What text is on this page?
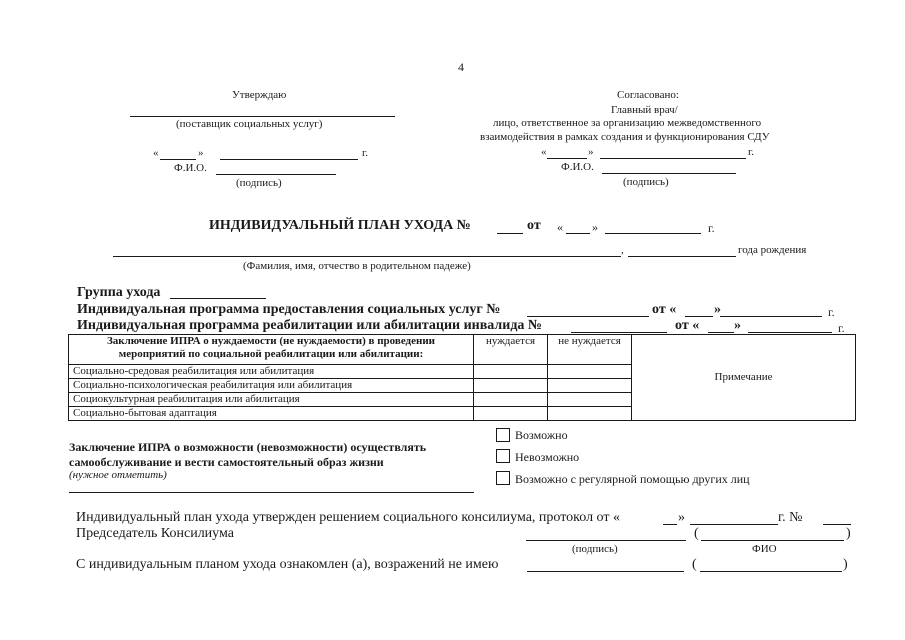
4
Утверждаю
(поставщик социальных услуг)
«	»	г.
Ф.И.О.
(подпись)
Согласовано:
Главный врач/
лицо, ответственное за организацию межведомственного
взаимодействия в рамках создания и функционирования СДУ
«	»	г.
Ф.И.О.
(подпись)
ИНДИВИДУАЛЬНЫЙ ПЛАН УХОДА №	от « »	г.
,	года рождения
(Фамилия, имя, отчество в родительном падеже)
Группа ухода
Индивидуальная программа предоставления социальных услуг №	от «	»	г.
Индивидуальная программа реабилитации или абилитации инвалида №	от « »	г.
Заключение ИПРА о нуждаемости (не нуждаемости) в проведении мероприятий по социальной реабилитации или абилитации:	нуждается	не нуждается	Примечание
Социально-средовая реабилитация или абилитация			
Социально-психологическая реабилитация или абилитация			
Социокультурная реабилитация или абилитация			
Социально-бытовая адаптация			
Заключение ИПРА о возможности (невозможности) осуществлять
самообслуживание и вести самостоятельный образ жизни
(нужное отметить)
Возможно
Невозможно
Возможно с регулярной помощью других лиц
Индивидуальный план ухода утвержден решением социального консилиума, протокол от «	»	г. №
Председатель Консилиума	(	)
(подпись)	ФИО
С индивидуальным планом ухода ознакомлен (а), возражений не имею	(	)
